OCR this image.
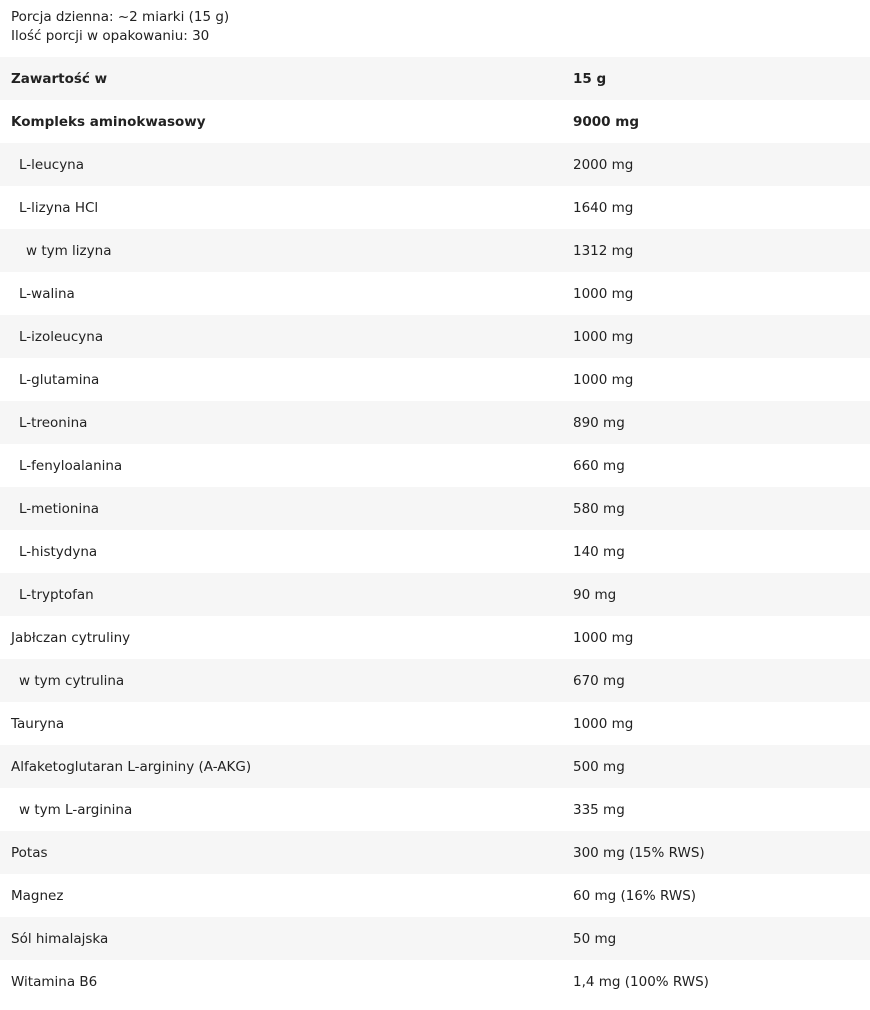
Porcja dzienna: ~2 miarki (15 g)
Ilość porcji w opakowaniu: 30
Zawartość w	15 g
Kompleks aminokwasowy	9000 mg
L-leucyna	2000 mg
L-lizyna HCl	1640 mg
w tym lizyna	1312 mg
L-walina	1000 mg
L-izoleucyna	1000 mg
L-glutamina	1000 mg
L-treonina	890 mg
L-fenyloalanina	660 mg
L-metionina	580 mg
L-histydyna	140 mg
L-tryptofan	90 mg
Jabłczan cytruliny	1000 mg
w tym cytrulina	670 mg
Tauryna	1000 mg
Alfaketoglutaran L-argininy (A-AKG)	500 mg
w tym L-arginina	335 mg
Potas	300 mg (15% RWS)
Magnez	60 mg (16% RWS)
Sól himalajska	50 mg
Witamina B6	1,4 mg (100% RWS)
